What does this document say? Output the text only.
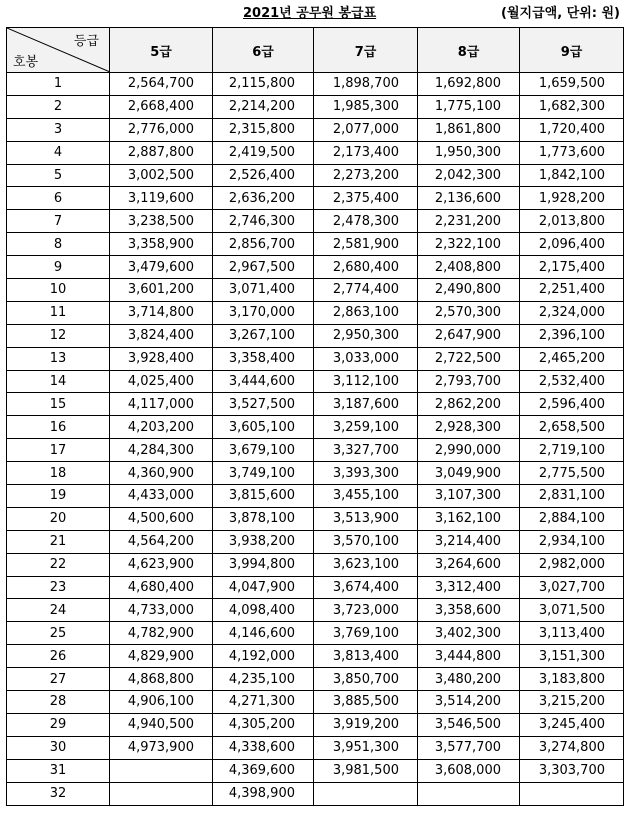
2021년 공무원 봉급표	(월지급액, 단위: 원)
등급
호봉	5급	6급	7급	8급	9급
1	2,564,700	2,115,800	1,898,700	1,692,800	1,659,500
2	2,668,400	2,214,200	1,985,300	1,775,100	1,682,300
3	2,776,000	2,315,800	2,077,000	1,861,800	1,720,400
4	2,887,800	2,419,500	2,173,400	1,950,300	1,773,600
5	3,002,500	2,526,400	2,273,200	2,042,300	1,842,100
6	3,119,600	2,636,200	2,375,400	2,136,600	1,928,200
7	3,238,500	2,746,300	2,478,300	2,231,200	2,013,800
8	3,358,900	2,856,700	2,581,900	2,322,100	2,096,400
9	3,479,600	2,967,500	2,680,400	2,408,800	2,175,400
10	3,601,200	3,071,400	2,774,400	2,490,800	2,251,400
11	3,714,800	3,170,000	2,863,100	2,570,300	2,324,000
12	3,824,400	3,267,100	2,950,300	2,647,900	2,396,100
13	3,928,400	3,358,400	3,033,000	2,722,500	2,465,200
14	4,025,400	3,444,600	3,112,100	2,793,700	2,532,400
15	4,117,000	3,527,500	3,187,600	2,862,200	2,596,400
16	4,203,200	3,605,100	3,259,100	2,928,300	2,658,500
17	4,284,300	3,679,100	3,327,700	2,990,000	2,719,100
18	4,360,900	3,749,100	3,393,300	3,049,900	2,775,500
19	4,433,000	3,815,600	3,455,100	3,107,300	2,831,100
20	4,500,600	3,878,100	3,513,900	3,162,100	2,884,100
21	4,564,200	3,938,200	3,570,100	3,214,400	2,934,100
22	4,623,900	3,994,800	3,623,100	3,264,600	2,982,000
23	4,680,400	4,047,900	3,674,400	3,312,400	3,027,700
24	4,733,000	4,098,400	3,723,000	3,358,600	3,071,500
25	4,782,900	4,146,600	3,769,100	3,402,300	3,113,400
26	4,829,900	4,192,000	3,813,400	3,444,800	3,151,300
27	4,868,800	4,235,100	3,850,700	3,480,200	3,183,800
28	4,906,100	4,271,300	3,885,500	3,514,200	3,215,200
29	4,940,500	4,305,200	3,919,200	3,546,500	3,245,400
30	4,973,900	4,338,600	3,951,300	3,577,700	3,274,800
31		4,369,600	3,981,500	3,608,000	3,303,700
32		4,398,900			
